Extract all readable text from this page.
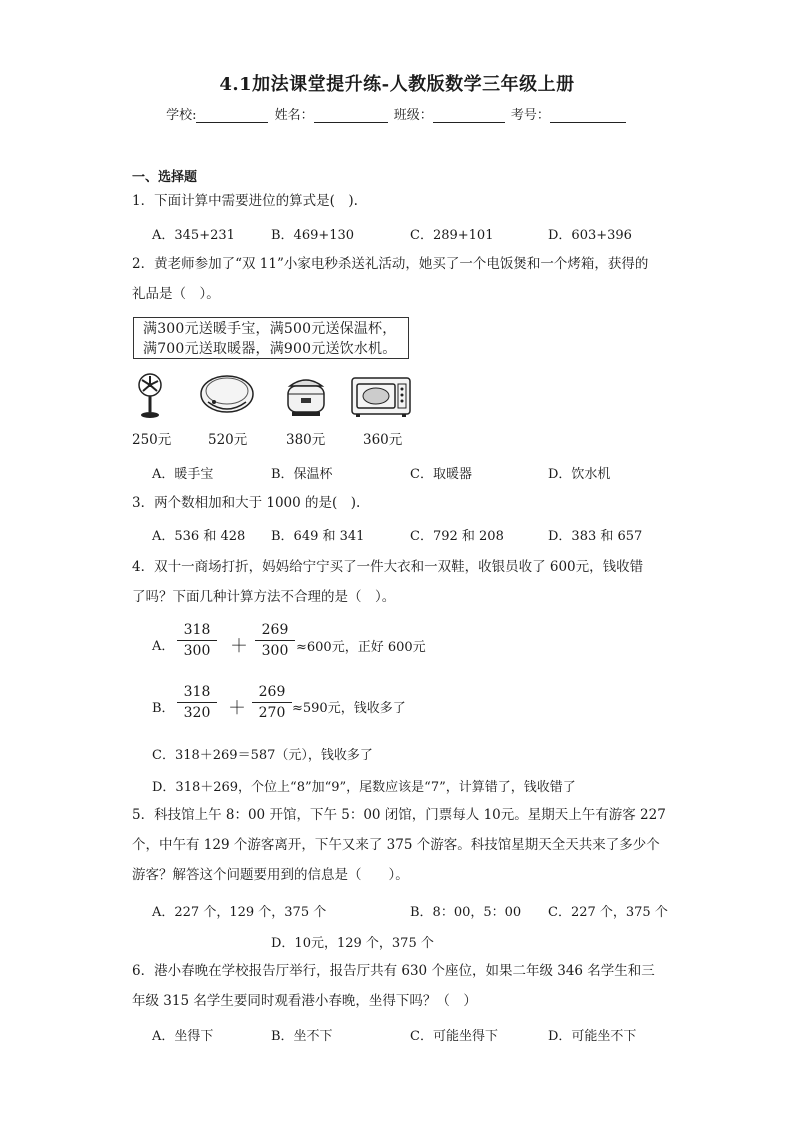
4.1加法课堂提升练-人教版数学三年级上册
学校:	姓名：	班级：	考号：
一、选择题
1．下面计算中需要进位的算式是(　).
A．345+231	B．469+130	C．289+101	D．603+396
2．黄老师参加了“双 11”小家电秒杀送礼活动，她买了一个电饭煲和一个烤箱，获得的
礼品是（　）。
满300元送暖手宝，满500元送保温杯，
满700元送取暖器，满900元送饮水机。
250元	520元	380元	360元
A．暖手宝	B．保温杯	C．取暖器	D．饮水机
3．两个数相加和大于 1000 的是(　).
A．536 和 428 B．649 和 341	C．792 和 208	D．383 和 657
4．双十一商场打折，妈妈给宁宁买了一件大衣和一双鞋，收银员收了 600元，钱收错
了吗？下面几种计算方法不合理的是（　）。
A． $\frac{318}{300} + \frac{269}{300} \approx 600$元，正好 600元
B． $\frac{318}{320} + \frac{269}{270} \approx 590$元，钱收多了
C．318＋269＝587（元），钱收多了
D．318＋269，个位上“8”加“9”，尾数应该是“7”，计算错了，钱收错了
5．科技馆上午 8：00 开馆，下午 5：00 闭馆，门票每人 10元。星期天上午有游客 227
个，中午有 129 个游客离开，下午又来了 375 个游客。科技馆星期天全天共来了多少个
游客？解答这个问题要用到的信息是（　　）。
A．227 个，129 个，375 个	B．8：00，5：00 C．227 个，375 个
D．10元，129 个，375 个
6．港小春晚在学校报告厅举行，报告厅共有 630 个座位，如果二年级 346 名学生和三
年级 315 名学生要同时观看港小春晚，坐得下吗？（　）
A．坐得下	B．坐不下	C．可能坐得下	D．可能坐不下
